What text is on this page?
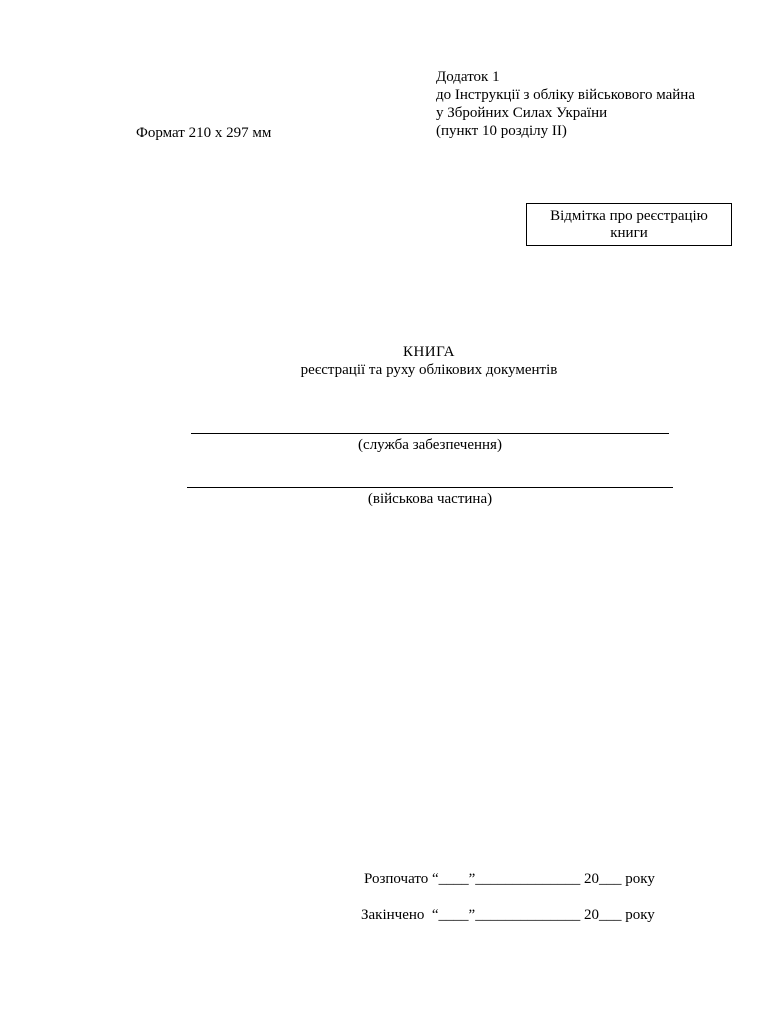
Додаток 1
до Інструкції з обліку військового майна
у Збройних Силах України
(пункт 10 розділу ІІ)
Формат 210 х 297 мм
Відмітка про реєстрацію
книги
КНИГА
реєстрації та руху облікових документів
(служба забезпечення)
(військова частина)
Розпочато “____”______________ 20___ року
Закінчено  “____”______________ 20___ року
